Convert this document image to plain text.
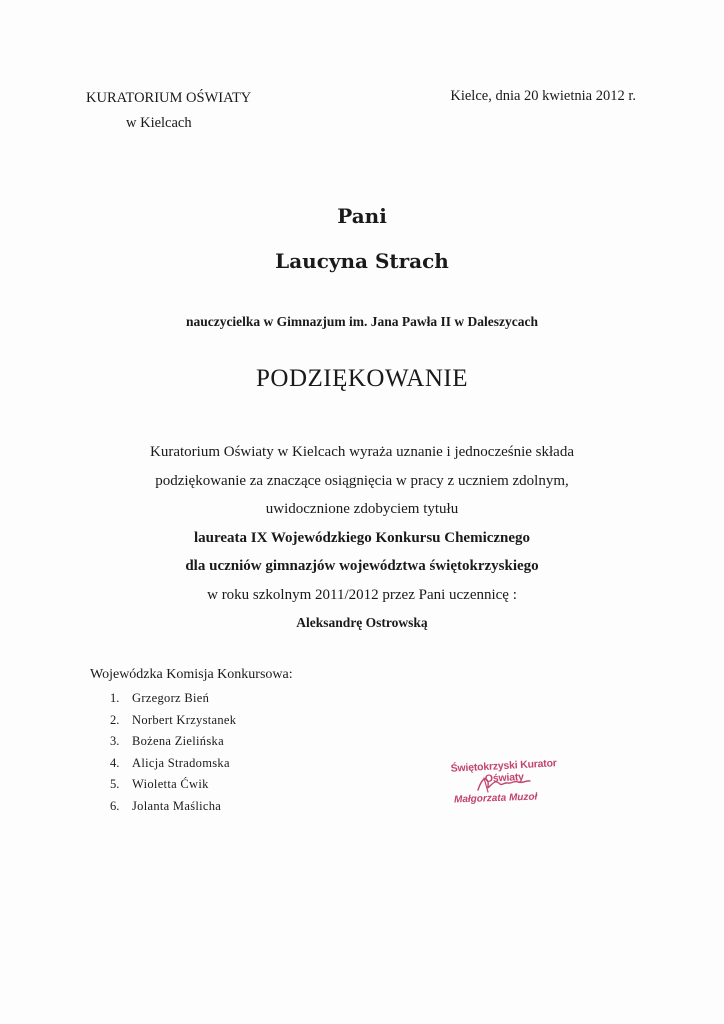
KURATORIUM OŚWIATY
w Kielcach
Kielce, dnia 20 kwietnia 2012 r.
Pani
Laucyna Strach
nauczycielka w Gimnazjum im. Jana Pawła II w Daleszycach
PODZIĘKOWANIE
Kuratorium Oświaty w Kielcach wyraża uznanie i jednocześnie składa
podziękowanie za znaczące osiągnięcia w pracy z uczniem zdolnym,
uwidocznione zdobyciem tytułu
laureata IX Wojewódzkiego Konkursu Chemicznego
dla uczniów gimnazjów województwa świętokrzyskiego
w roku szkolnym 2011/2012 przez Pani uczennicę :
Aleksandrę Ostrowską
Wojewódzka Komisja Konkursowa:
1.	Grzegorz Bień
2.	Norbert Krzystanek
3.	Bożena Zielińska
4.	Alicja Stradomska
5.	Wioletta Ćwik
6.	Jolanta Maślicha
Świętokrzyski Kurator Oświaty
Małgorzata Muzoł
